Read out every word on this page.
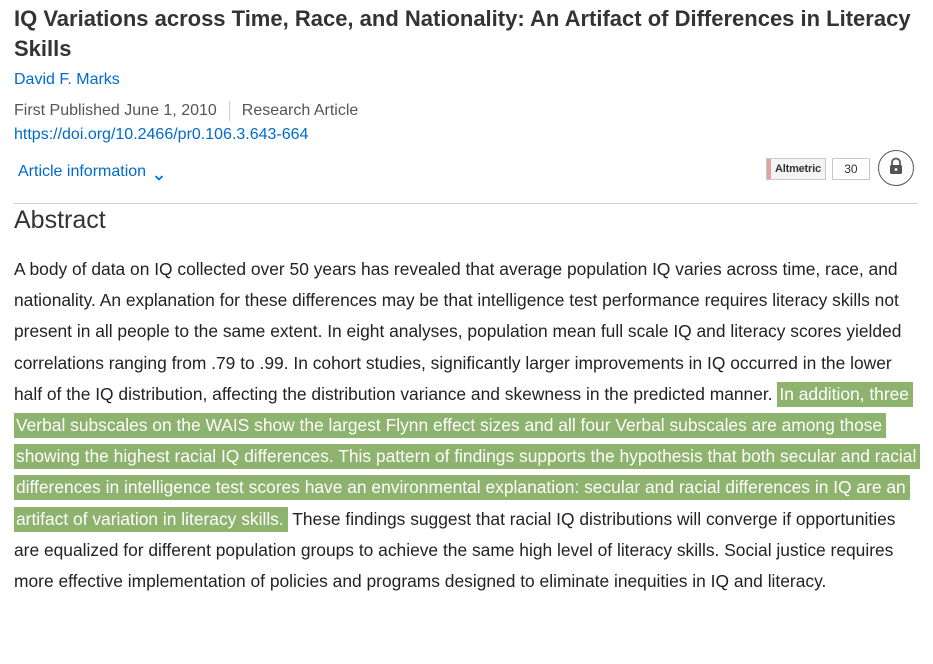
IQ Variations across Time, Race, and Nationality: An Artifact of Differences in Literacy Skills
David F. Marks
First Published June 1, 2010 Research Article
https://doi.org/10.2466/pr0.106.3.643-664
Article information	Altmetric	30
Abstract

A body of data on IQ collected over 50 years has revealed that average population IQ varies across time, race, and nationality. An explanation for these differences may be that intelligence test performance requires literacy skills not present in all people to the same extent. In eight analyses, population mean full scale IQ and literacy scores yielded correlations ranging from .79 to .99. In cohort studies, significantly larger improvements in IQ occurred in the lower half of the IQ distribution, affecting the distribution variance and skewness in the predicted manner. In addition, three Verbal subscales on the WAIS show the largest Flynn effect sizes and all four Verbal subscales are among those showing the highest racial IQ differences. This pattern of findings supports the hypothesis that both secular and racial differences in intelligence test scores have an environmental explanation: secular and racial differences in IQ are an artifact of variation in literacy skills. These findings suggest that racial IQ distributions will converge if opportunities are equalized for different population groups to achieve the same high level of literacy skills. Social justice requires more effective implementation of policies and programs designed to eliminate inequities in IQ and literacy.
